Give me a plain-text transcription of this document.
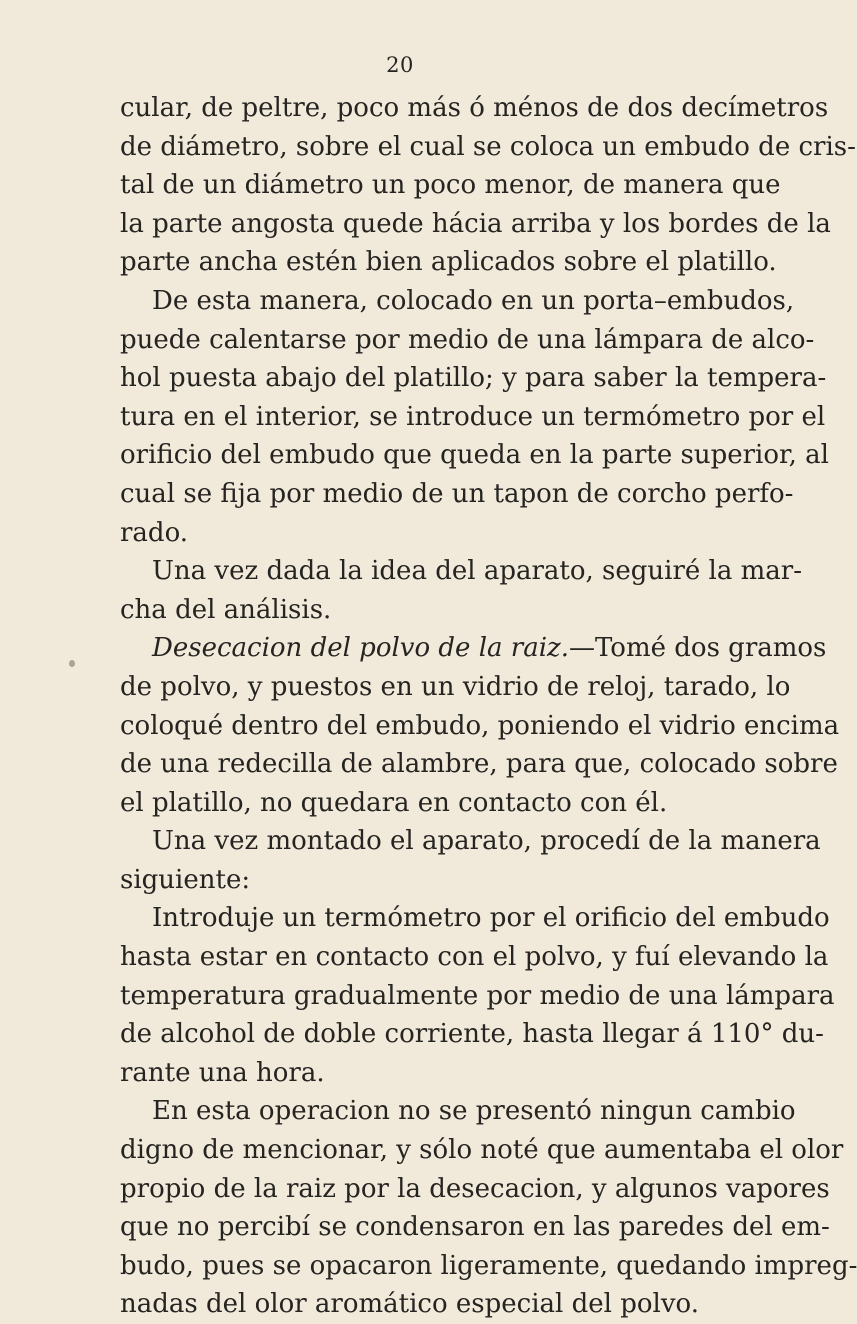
20
cular, de peltre, poco más ó ménos de dos decímetros
de diámetro, sobre el cual se coloca un embudo de cris-
tal de un diámetro un poco menor, de manera que
la parte angosta quede hácia arriba y los bordes de la
parte ancha estén bien aplicados sobre el platillo.
De esta manera, colocado en un porta–embudos,
puede calentarse por medio de una lámpara de alco-
hol puesta abajo del platillo; y para saber la tempera-
tura en el interior, se introduce un termómetro por el
orificio del embudo que queda en la parte superior, al
cual se fija por medio de un tapon de corcho perfo-
rado.
Una vez dada la idea del aparato, seguiré la mar-
cha del análisis.
Desecacion del polvo de la raiz.—Tomé dos gramos
de polvo, y puestos en un vidrio de reloj, tarado, lo
coloqué dentro del embudo, poniendo el vidrio encima
de una redecilla de alambre, para que, colocado sobre
el platillo, no quedara en contacto con él.
Una vez montado el aparato, procedí de la manera
siguiente:
Introduje un termómetro por el orificio del embudo
hasta estar en contacto con el polvo, y fuí elevando la
temperatura gradualmente por medio de una lámpara
de alcohol de doble corriente, hasta llegar á 110° du-
rante una hora.
En esta operacion no se presentó ningun cambio
digno de mencionar, y sólo noté que aumentaba el olor
propio de la raiz por la desecacion, y algunos vapores
que no percibí se condensaron en las paredes del em-
budo, pues se opacaron ligeramente, quedando impreg-
nadas del olor aromático especial del polvo.
